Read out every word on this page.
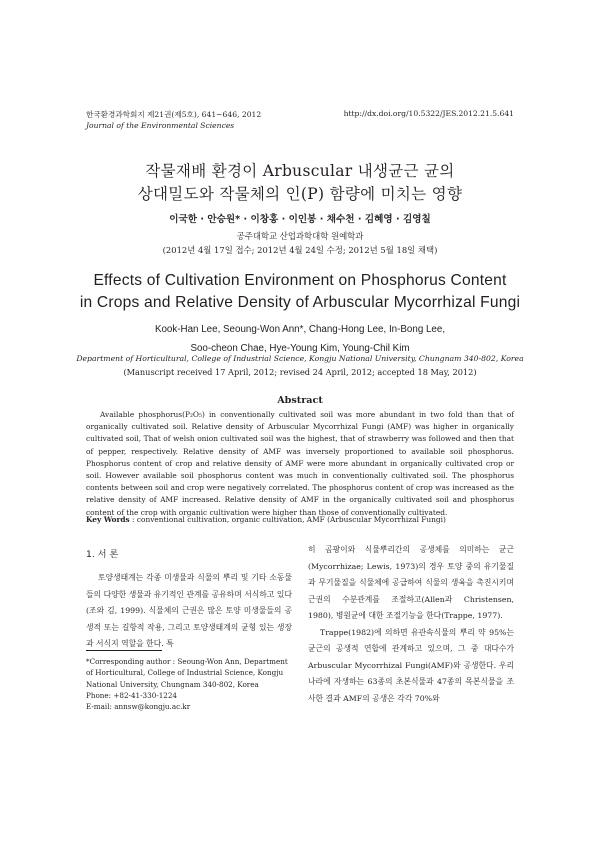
한국환경과학회지 제21권(제5호), 641~646, 2012
Journal of the Environmental Sciences
http://dx.doi.org/10.5322/JES.2012.21.5.641
작물재배 환경이 Arbuscular 내생균근 균의
상대밀도와 작물체의 인(P) 함량에 미치는 영향
이국한 · 안승원* · 이창홍 · 이인봉 · 채수천 · 김혜영 · 김영칠
공주대학교 산업과학대학 원예학과
(2012년 4월 17일 접수; 2012년 4월 24일 수정; 2012년 5월 18일 채택)
Effects of Cultivation Environment on Phosphorus Content
in Crops and Relative Density of Arbuscular Mycorrhizal Fungi
Kook-Han Lee, Seoung-Won Ann*, Chang-Hong Lee, In-Bong Lee,
Soo-cheon Chae, Hye-Young Kim, Young-Chil Kim
Department of Horticultural, College of Industrial Science, Kongju National University, Chungnam 340-802, Korea
(Manuscript received 17 April, 2012; revised 24 April, 2012; accepted 18 May, 2012)
Abstract
Available phosphorus(P₂O₅) in conventionally cultivated soil was more abundant in two fold than that of organically cultivated soil. Relative density of Arbuscular Mycorrhizal Fungi (AMF) was higher in organically cultivated soil, That of welsh onion cultivated soil was the highest, that of strawberry was followed and then that of pepper, respectively. Relative density of AMF was inversely proportioned to available soil phosphorus. Phosphorus content of crop and relative density of AMF were more abundant in organically cultivated crop or soil. However available soil phosphorus content was much in conventionally cultivated soil. The phosphorus contents between soil and crop were negatively correlated. The phosphorus content of crop was increased as the relative density of AMF increased. Relative density of AMF in the organically cultivated soil and phosphorus content of the crop with organic cultivation were higher than those of conventionally cultivated.
Key Words : conventional cultivation, organic cultivation, AMF (Arbuscular Mycorrhizal Fungi)
1. 서 론

토양생태계는 각종 미생물과 식물의 뿌리 및 기타 소동물들의 다양한 생물과 유기적인 관계를 공유하며 서식하고 있다(조와 김, 1999). 식물체의 근권은 많은 토양 미생물들의 공생적 또는 길항적 작용, 그리고 토양생태계의 균형 있는 생장과 서식지 역할을 한다. 특

히 곰팡이와 식물뿌리간의 공생체를 의미하는 균근(Mycorrhizae; Lewis, 1973)의 경우 토양 중의 유기물질과 무기물질을 식물체에 공급하여 식물의 생육을 촉진시키며 근권의 수분관계를 조절하고(Allen과 Christensen, 1980), 병원균에 대한 조절기능을 한다(Trappe, 1977).

Trappe(1982)에 의하면 유관속식물의 뿌리 약 95%는 균근의 공생적 연합에 관계하고 있으며, 그 중 대다수가 Arbuscular Mycorrhizal Fungi(AMF)와 공생한다. 우리나라에 자생하는 63종의 초본식물과 47종의 목본식물을 조사한 결과 AMF의 공생은 각각 70%와

*Corresponding author : Seoung-Won Ann, Department of Horticultural, College of Industrial Science, Kongju National University, Chungnam 340-802, Korea
Phone: +82-41-330-1224
E-mail: annsw@kongju.ac.kr
